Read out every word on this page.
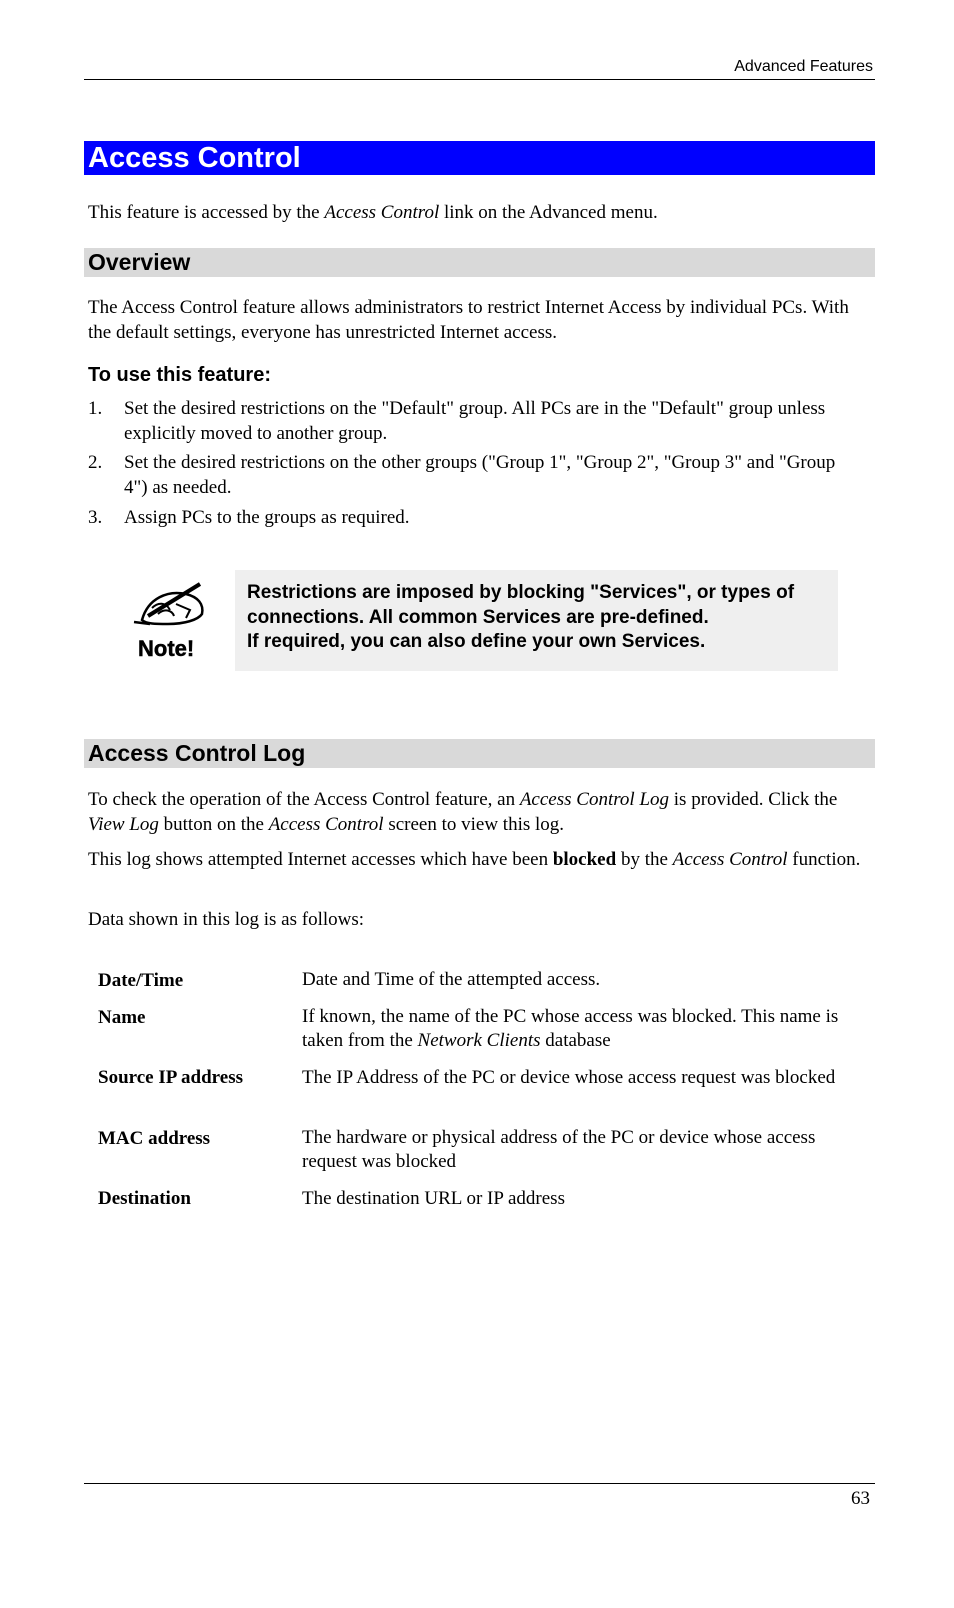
Advanced Features
Access Control
This feature is accessed by the Access Control link on the Advanced menu.
Overview
The Access Control feature allows administrators to restrict Internet Access by individual PCs. With the default settings, everyone has unrestricted Internet access.
To use this feature:
1. Set the desired restrictions on the "Default" group. All PCs are in the "Default" group unless explicitly moved to another group.
2. Set the desired restrictions on the other groups ("Group 1", "Group 2", "Group 3" and "Group 4") as needed.
3. Assign PCs to the groups as required.
Note!
Restrictions are imposed by blocking "Services", or types of connections. All common Services are pre-defined.
If required, you can also define your own Services.
Access Control Log
To check the operation of the Access Control feature, an Access Control Log is provided. Click the View Log button on the Access Control screen to view this log.
This log shows attempted Internet accesses which have been blocked by the Access Control function.
Data shown in this log is as follows:
Date/Time	Date and Time of the attempted access.
Name	If known, the name of the PC whose access was blocked. This name is taken from the Network Clients database
Source IP address	The IP Address of the PC or device whose access request was blocked
MAC address	The hardware or physical address of the PC or device whose access request was blocked
Destination	The destination URL or IP address
63
